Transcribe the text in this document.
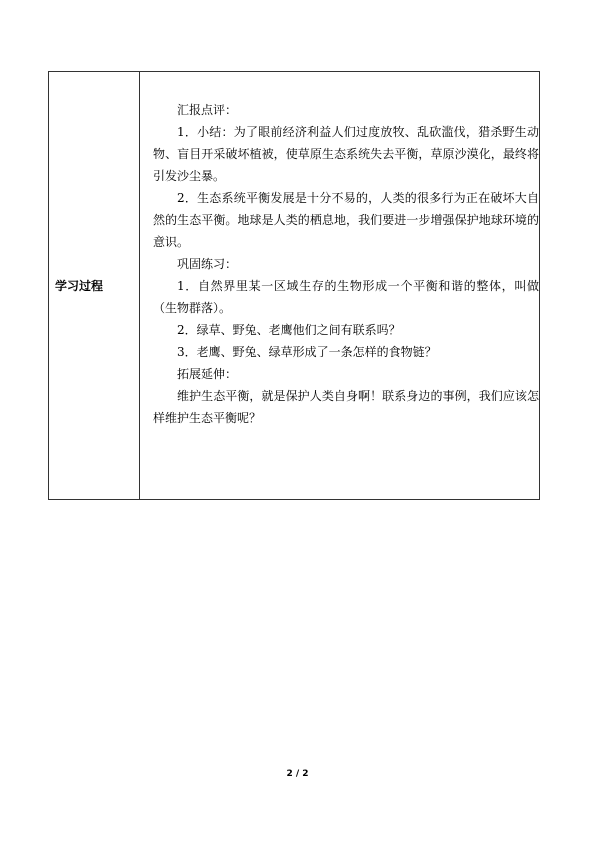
学习过程

汇报点评：

1．小结：为了眼前经济利益人们过度放牧、乱砍滥伐，猎杀野生动物、盲目开采破坏植被，使草原生态系统失去平衡，草原沙漠化，最终将引发沙尘暴。

2．生态系统平衡发展是十分不易的，人类的很多行为正在破坏大自然的生态平衡。地球是人类的栖息地，我们要进一步增强保护地球环境的意识。

巩固练习：

1．自然界里某一区域生存的生物形成一个平衡和谐的整体，叫做（生物群落）。

2．绿草、野兔、老鹰他们之间有联系吗？

3．老鹰、野兔、绿草形成了一条怎样的食物链？

拓展延伸：

维护生态平衡，就是保护人类自身啊！联系身边的事例，我们应该怎样维护生态平衡呢？

2 / 2
